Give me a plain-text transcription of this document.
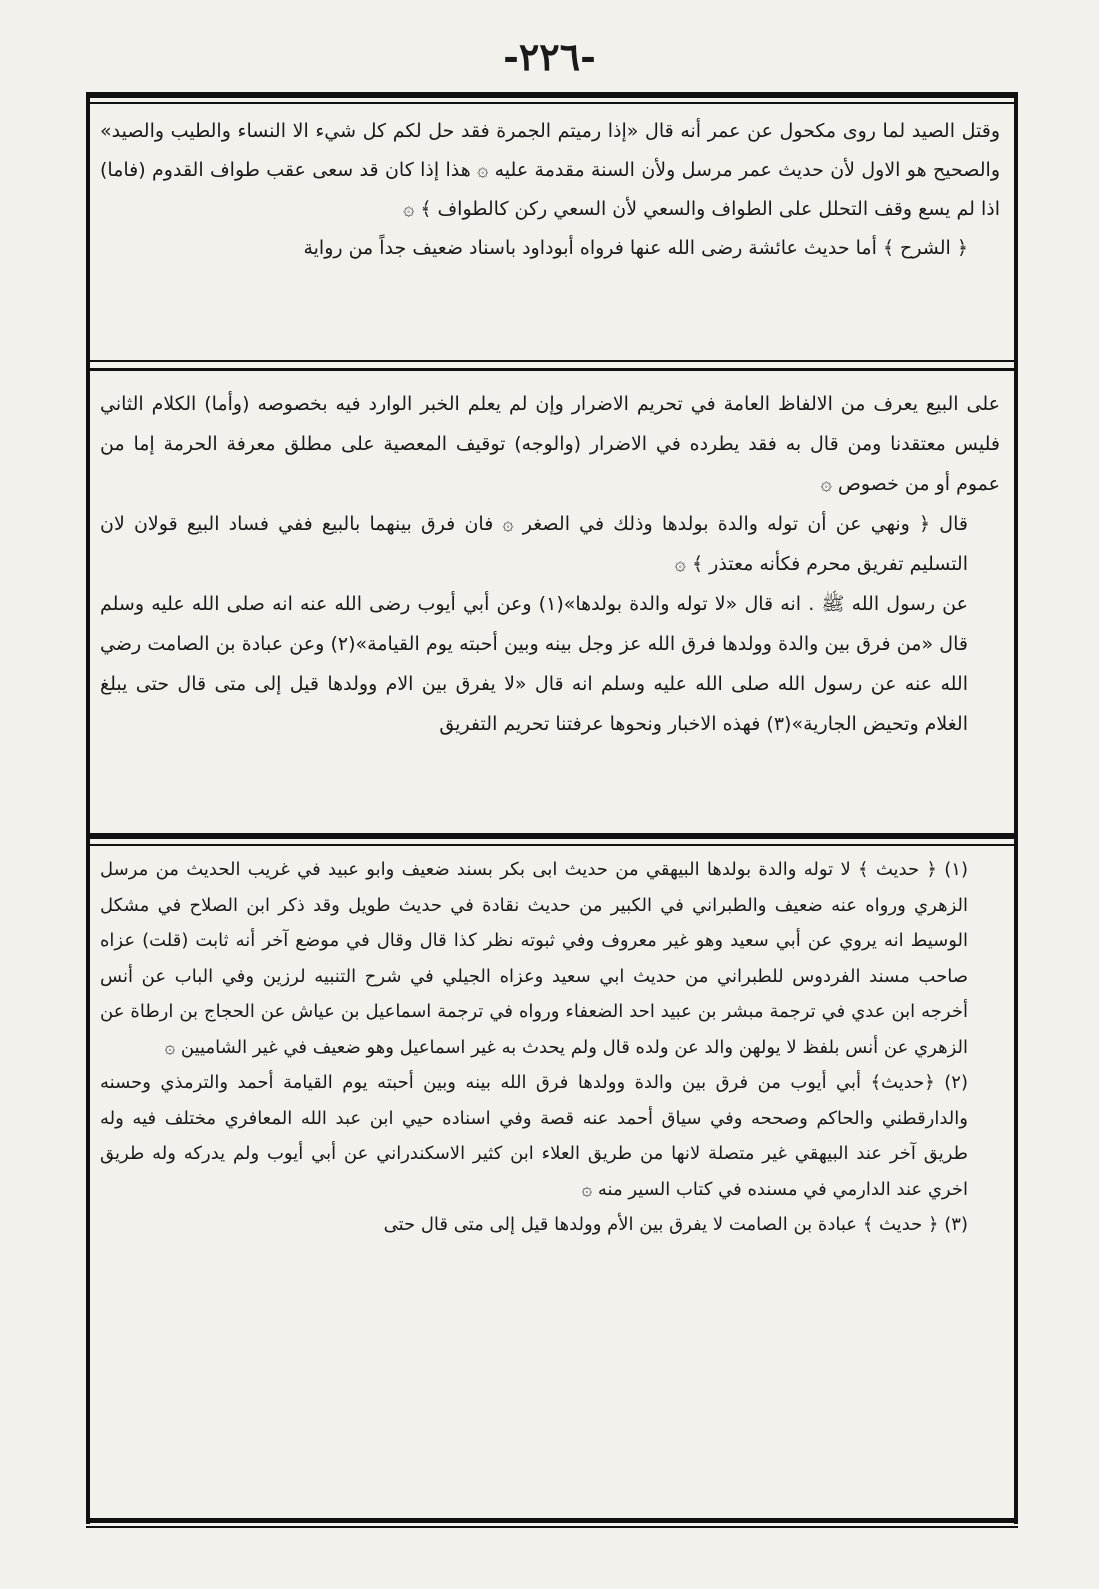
-٢٢٦-

وقتل الصيد لما روى مكحول عن عمر أنه قال «إذا رميتم الجمرة فقد حل لكم كل شيء الا النساء والطيب والصيد» والصحيح هو الاول لأن حديث عمر مرسل ولأن السنة مقدمة عليه ۞ هذا إذا كان قد سعى عقب طواف القدوم (فاما) اذا لم يسع وقف التحلل على الطواف والسعي لأن السعي ركن كالطواف ﴾ ۞

﴿ الشرح ﴾ أما حديث عائشة رضى الله عنها فرواه أبوداود باسناد ضعيف جداً من رواية

على البيع يعرف من الالفاظ العامة في تحريم الاضرار وإن لم يعلم الخبر الوارد فيه بخصوصه (وأما) الكلام الثاني فليس معتقدنا ومن قال به فقد يطرده في الاضرار (والوجه) توقيف المعصية على مطلق معرفة الحرمة إما من عموم أو من خصوص ۞

قال ﴿ ونهي عن أن توله والدة بولدها وذلك في الصغر ۞ فان فرق بينهما بالبيع ففي فساد البيع قولان لان التسليم تفريق محرم فكأنه معتذر ﴾ ۞

عن رسول الله ﷺ . انه قال «لا توله والدة بولدها»(١) وعن أبي أيوب رضى الله عنه انه صلى الله عليه وسلم قال «من فرق بين والدة وولدها فرق الله عز وجل بينه وبين أحبته يوم القيامة»(٢) وعن عبادة بن الصامت رضي الله عنه عن رسول الله صلى الله عليه وسلم انه قال «لا يفرق بين الام وولدها قيل إلى متى قال حتى يبلغ الغلام وتحيض الجارية»(٣) فهذه الاخبار ونحوها عرفتنا تحريم التفريق

(١) ﴿ حديث ﴾ لا توله والدة بولدها البيهقي من حديث ابى بكر بسند ضعيف وابو عبيد في غريب الحديث من مرسل الزهري ورواه عنه ضعيف والطبراني في الكبير من حديث نقادة في حديث طويل وقد ذكر ابن الصلاح في مشكل الوسيط انه يروي عن أبي سعيد وهو غير معروف وفي ثبوته نظر كذا قال وقال في موضع آخر أنه ثابت (قلت) عزاه صاحب مسند الفردوس للطبراني من حديث ابي سعيد وعزاه الجيلي في شرح التنبيه لرزين وفي الباب عن أنس أخرجه ابن عدي في ترجمة مبشر بن عبيد احد الضعفاء ورواه في ترجمة اسماعيل بن عياش عن الحجاج بن ارطاة عن الزهري عن أنس بلفظ لا يولهن والد عن ولده قال ولم يحدث به غير اسماعيل وهو ضعيف في غير الشاميين ۞

(٢) ﴿حديث﴾ أبي أيوب من فرق بين والدة وولدها فرق الله بينه وبين أحبته يوم القيامة أحمد والترمذي وحسنه والدارقطني والحاكم وصححه وفي سياق أحمد عنه قصة وفي اسناده حيي ابن عبد الله المعافري مختلف فيه وله طريق آخر عند البيهقي غير متصلة لانها من طريق العلاء ابن كثير الاسكندراني عن أبي أيوب ولم يدركه وله طريق اخري عند الدارمي في مسنده في كتاب السير منه ۞

(٣) ﴿ حديث ﴾ عبادة بن الصامت لا يفرق بين الأم وولدها قيل إلى متى قال حتى
